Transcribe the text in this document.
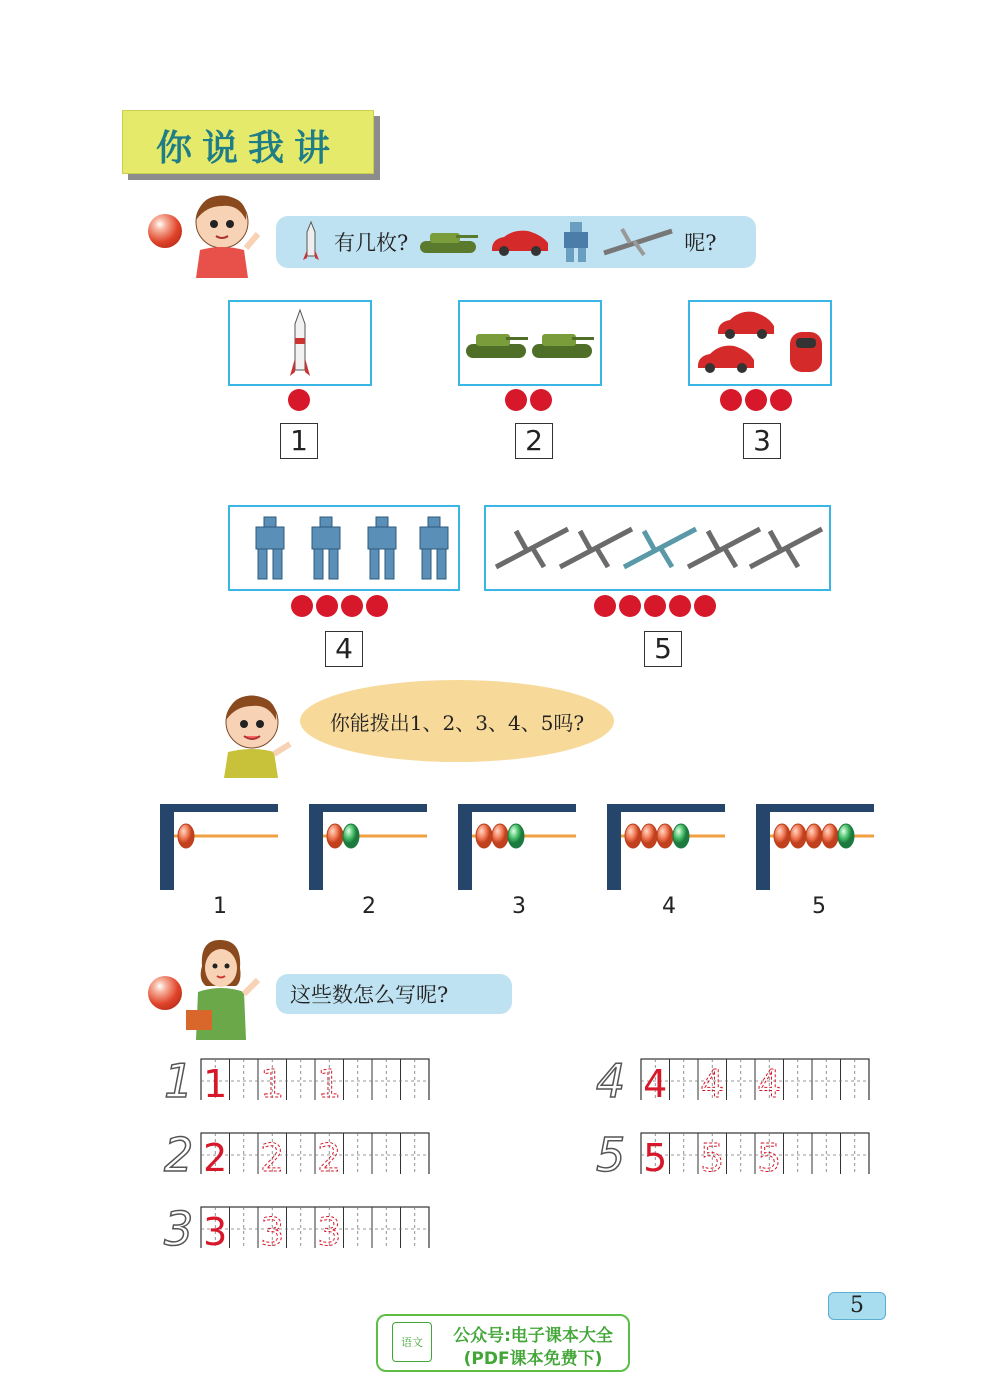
你说我讲
有几枚?	呢?
1	2	3
4	5
你能拨出1、2、3、4、5吗?
1	2	3	4	5
这些数怎么写呢?
1 1 1 1
2 2 2 2
3 3 3 3
4 4 4 4
5 5 5 5
5
语文	公众号:电子课本大全
(PDF课本免费下)
